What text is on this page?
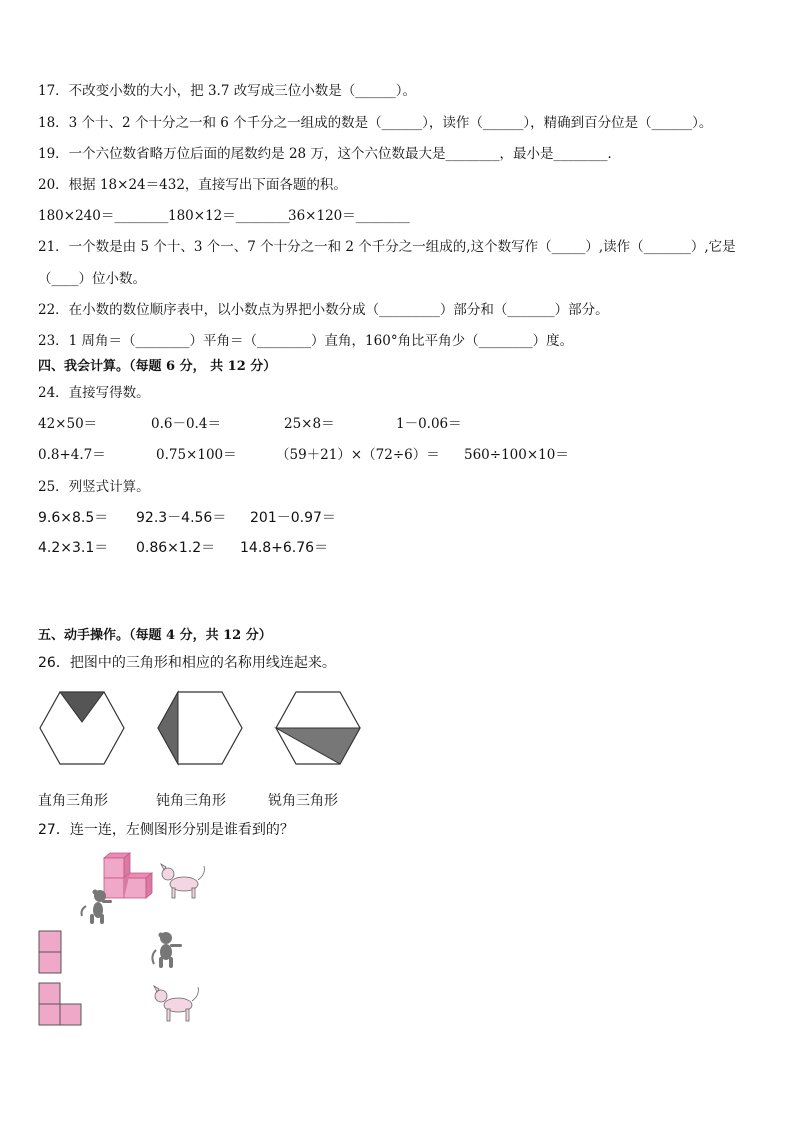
17．不改变小数的大小，把 3.7 改写成三位小数是（______）。
18．3 个十、2 个十分之一和 6 个千分之一组成的数是（______），读作（______），精确到百分位是（______）。
19．一个六位数省略万位后面的尾数约是 28 万，这个六位数最大是________，最小是________．
20．根据 18×24＝432，直接写出下面各题的积。
180×240＝________ 180×12＝________
36×120＝________
21．一个数是由 5 个十、3 个一、7 个十分之一和 2 个千分之一组成的,这个数写作（_____）,读作（_______）,它是
（____）位小数。
22．在小数的数位顺序表中，以小数点为界把小数分成（_________）部分和（_______）部分。
23．1 周角＝（________）平角＝（________）直角，160°角比平角少（________）度。
四、我会计算。（每题 6 分， 共 12 分）
24．直接写得数。
42×50＝	0.6－0.4＝	25×8＝	1－0.06＝
0.8+4.7＝	0.75×100＝	（59＋21）×（72÷6）＝ 560÷100×10＝
25．列竖式计算。
9.6×8.5＝ 92.3－4.56＝ 201－0.97＝
4.2×3.1＝ 0.86×1.2＝ 14.8+6.76＝
五、动手操作。（每题 4 分，共 12 分）
26．把图中的三角形和相应的名称用线连起来。
直角三角形	钝角三角形	锐角三角形
27．连一连，左侧图形分别是谁看到的？
